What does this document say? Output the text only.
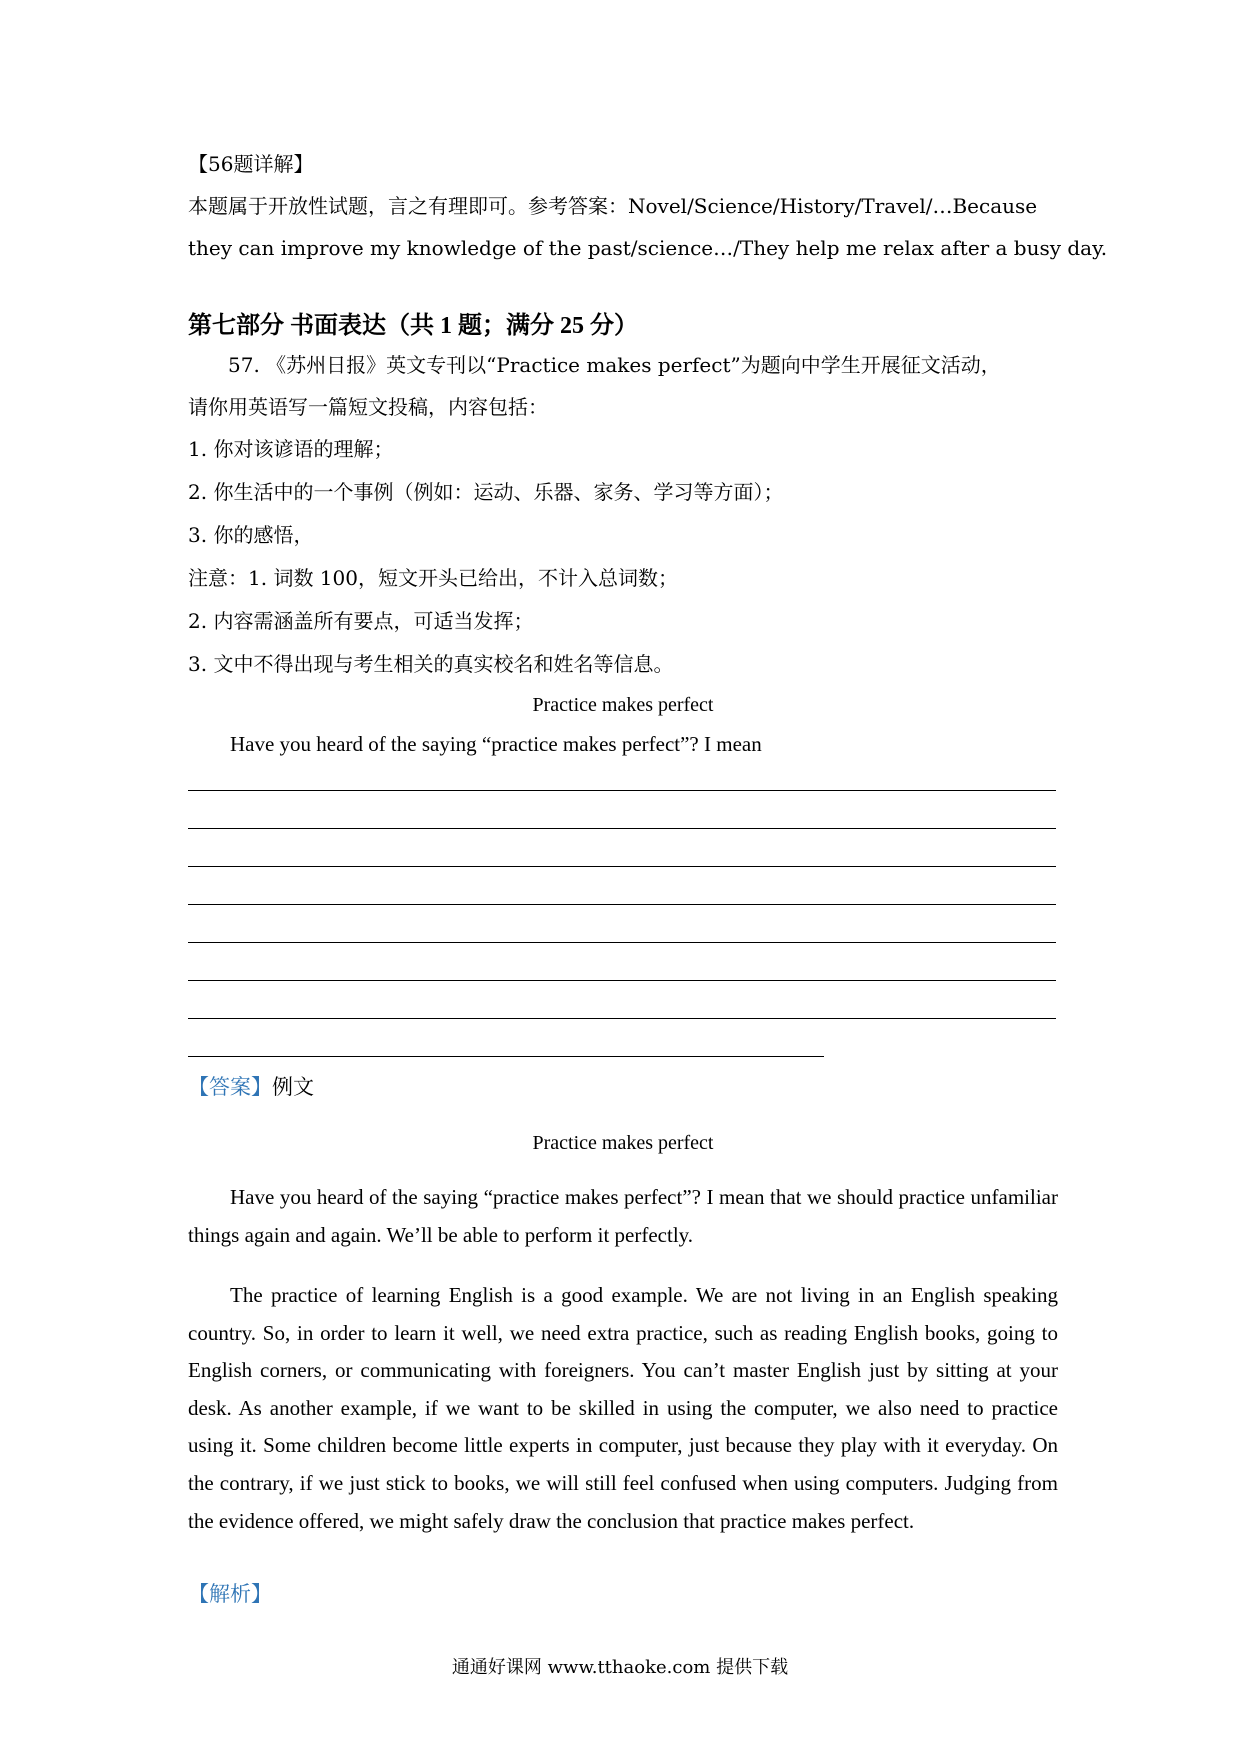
【56题详解】
本题属于开放性试题，言之有理即可。参考答案：Novel/Science/History/Travel/…Because
they can improve my knowledge of the past/science…/They help me relax after a busy day.
第七部分 书面表达（共 1 题；满分 25 分）
57. 《苏州日报》英文专刊以“Practice makes perfect”为题向中学生开展征文活动，
请你用英语写一篇短文投稿，内容包括：
1. 你对该谚语的理解；
2. 你生活中的一个事例（例如：运动、乐器、家务、学习等方面）；
3. 你的感悟，
注意：1. 词数 100，短文开头已给出，不计入总词数；
2. 内容需涵盖所有要点，可适当发挥；
3. 文中不得出现与考生相关的真实校名和姓名等信息。
Practice makes perfect
Have you heard of the saying “practice makes perfect”? I mean
【答案】例文
Practice makes perfect

Have you heard of the saying “practice makes perfect”? I mean that we should practice unfamiliar things again and again. We’ll be able to perform it perfectly.

The practice of learning English is a good example. We are not living in an English speaking country. So, in order to learn it well, we need extra practice, such as reading English books, going to English corners, or communicating with foreigners. You can’t master English just by sitting at your desk. As another example, if we want to be skilled in using the computer, we also need to practice using it. Some children become little experts in computer, just because they play with it everyday. On the contrary, if we just stick to books, we will still feel confused when using computers. Judging from the evidence offered, we might safely draw the conclusion that practice makes perfect.

【解析】
通通好课网 www.tthaoke.com 提供下载
